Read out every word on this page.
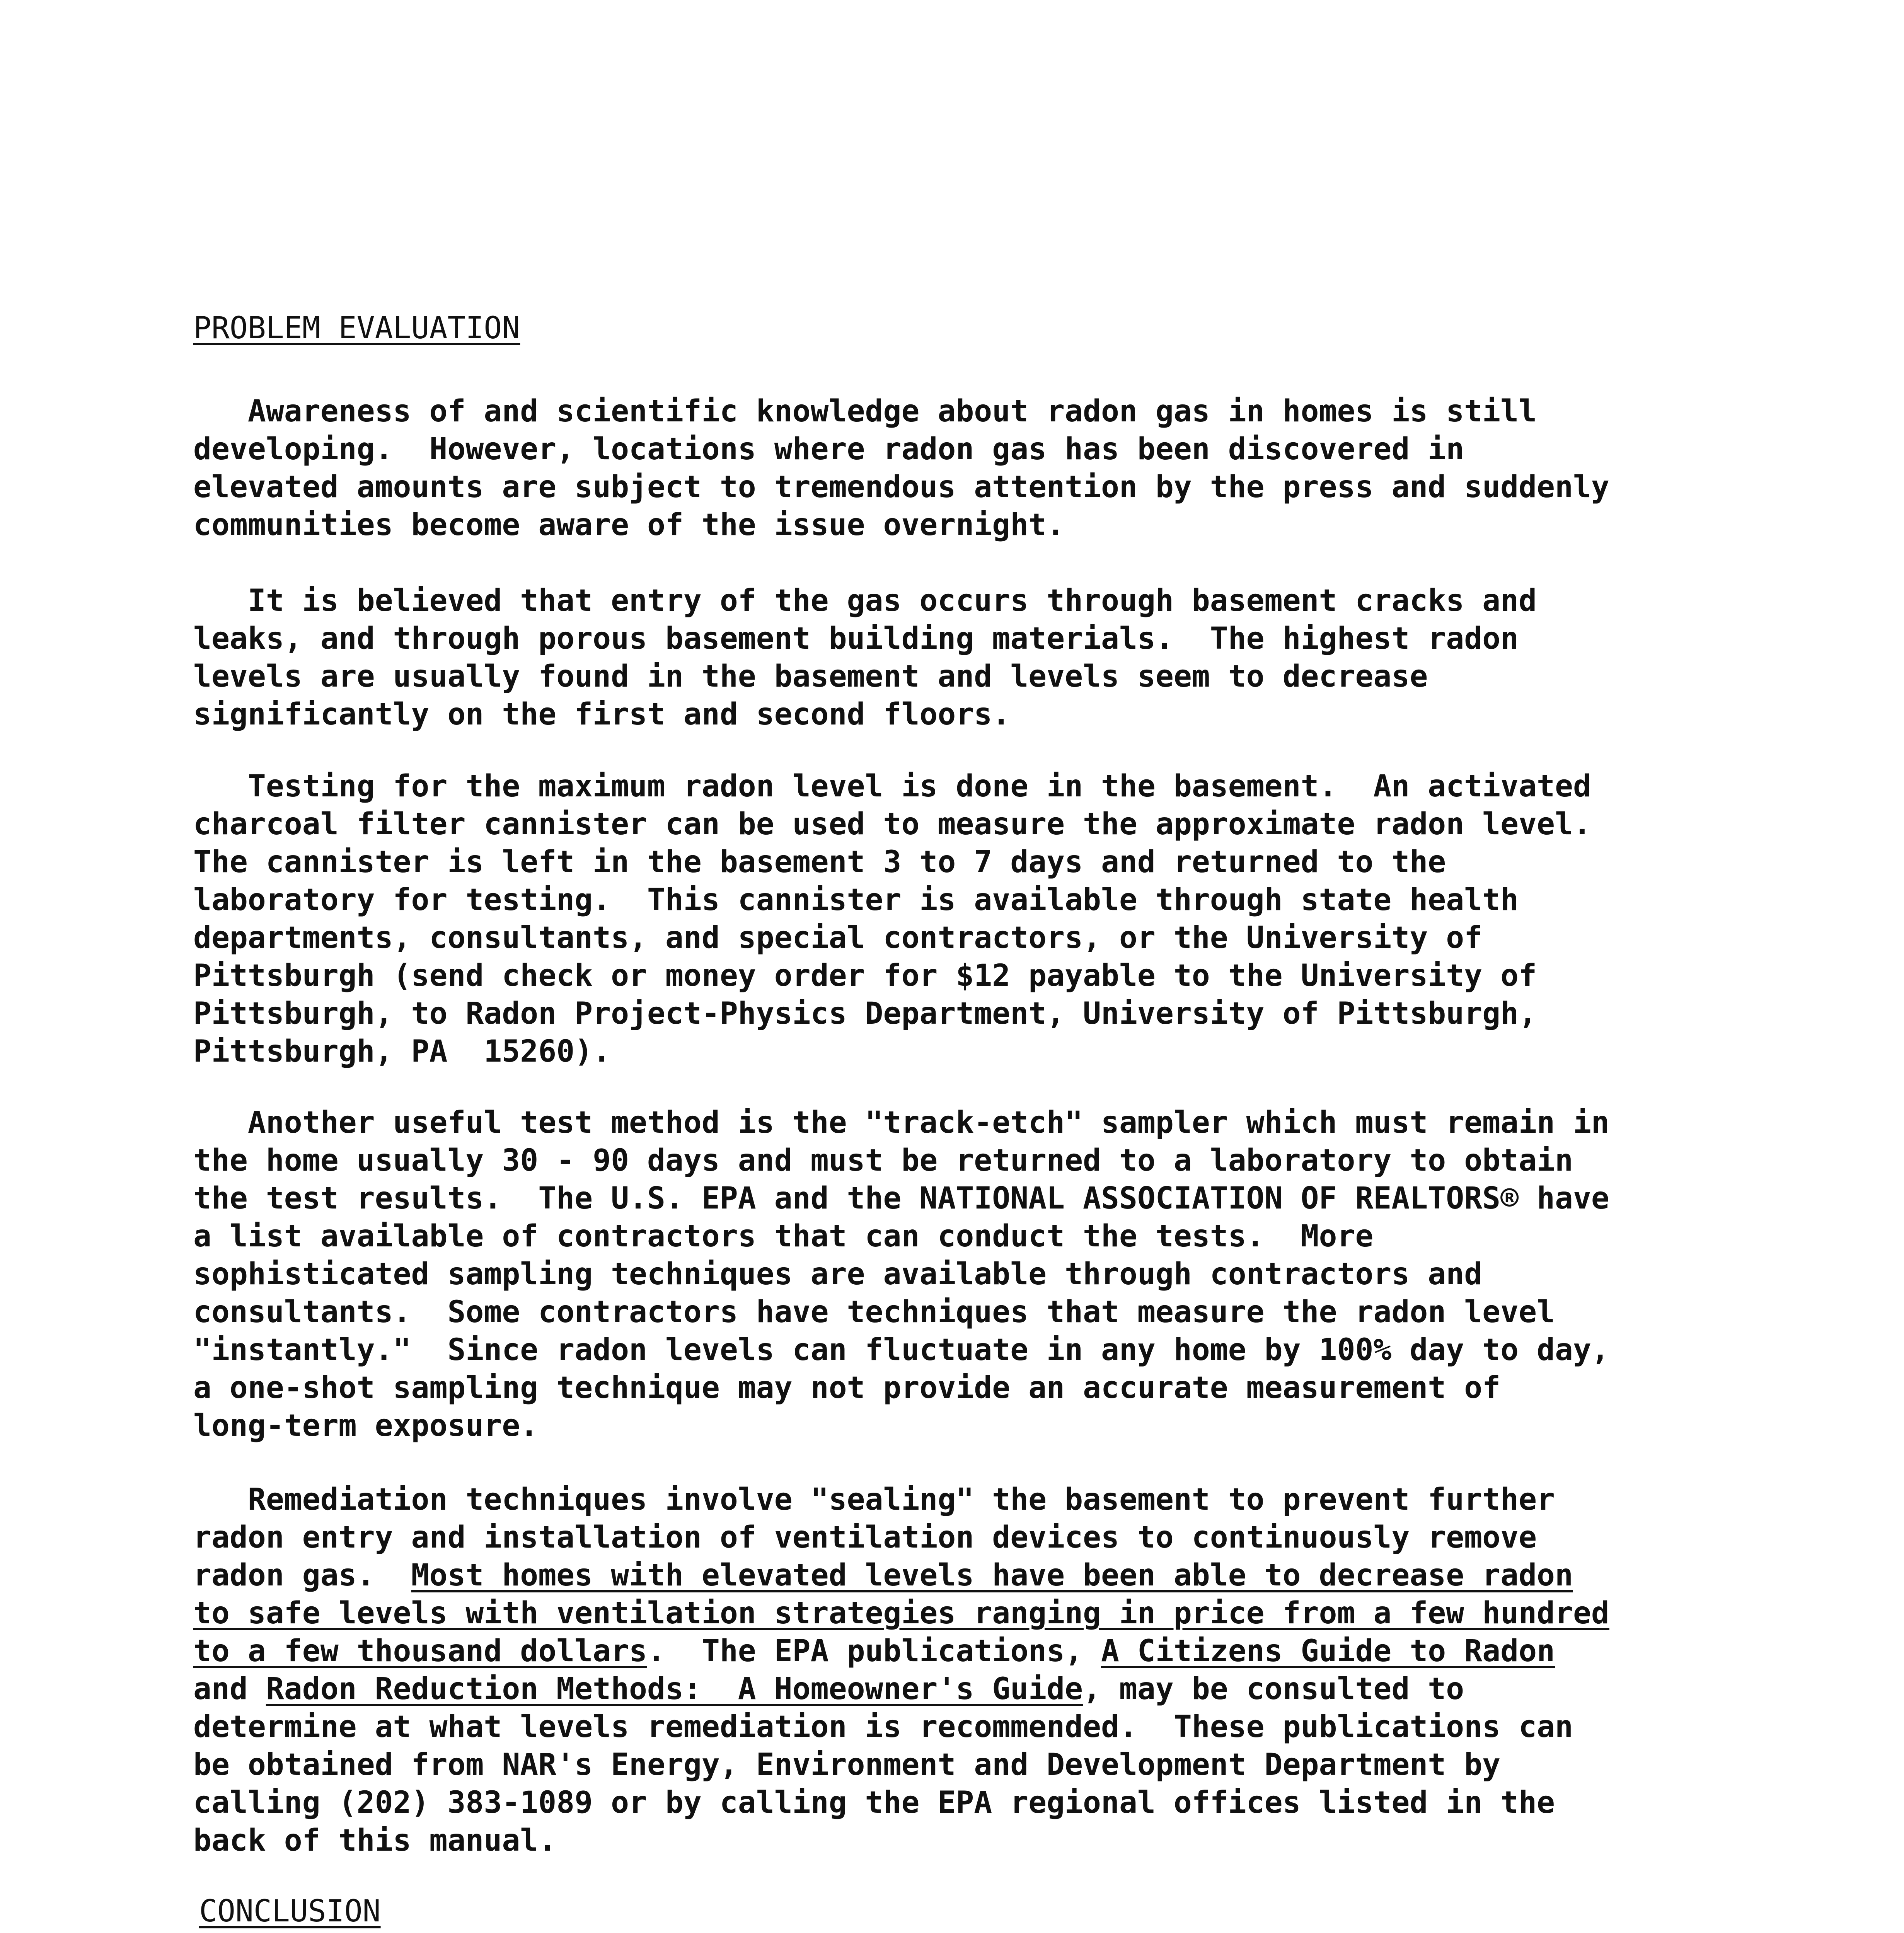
PROBLEM EVALUATION
Awareness of and scientific knowledge about radon gas in homes is still
developing.  However, locations where radon gas has been discovered in
elevated amounts are subject to tremendous attention by the press and suddenly
communities become aware of the issue overnight.
It is believed that entry of the gas occurs through basement cracks and
leaks, and through porous basement building materials.  The highest radon
levels are usually found in the basement and levels seem to decrease
significantly on the first and second floors.
Testing for the maximum radon level is done in the basement.  An activated
charcoal filter cannister can be used to measure the approximate radon level.
The cannister is left in the basement 3 to 7 days and returned to the
laboratory for testing.  This cannister is available through state health
departments, consultants, and special contractors, or the University of
Pittsburgh (send check or money order for $12 payable to the University of
Pittsburgh, to Radon Project-Physics Department, University of Pittsburgh,
Pittsburgh, PA  15260).
Another useful test method is the "track-etch" sampler which must remain in
the home usually 30 - 90 days and must be returned to a laboratory to obtain
the test results.  The U.S. EPA and the NATIONAL ASSOCIATION OF REALTORS® have
a list available of contractors that can conduct the tests.  More
sophisticated sampling techniques are available through contractors and
consultants.  Some contractors have techniques that measure the radon level
"instantly."  Since radon levels can fluctuate in any home by 100% day to day,
a one-shot sampling technique may not provide an accurate measurement of
long-term exposure.
Remediation techniques involve "sealing" the basement to prevent further
radon entry and installation of ventilation devices to continuously remove
radon gas.  Most homes with elevated levels have been able to decrease radon
to safe levels with ventilation strategies ranging in price from a few hundred
to a few thousand dollars.  The EPA publications, A Citizens Guide to Radon
and Radon Reduction Methods:  A Homeowner's Guide, may be consulted to
determine at what levels remediation is recommended.  These publications can
be obtained from NAR's Energy, Environment and Development Department by
calling (202) 383-1089 or by calling the EPA regional offices listed in the
back of this manual.
CONCLUSION
